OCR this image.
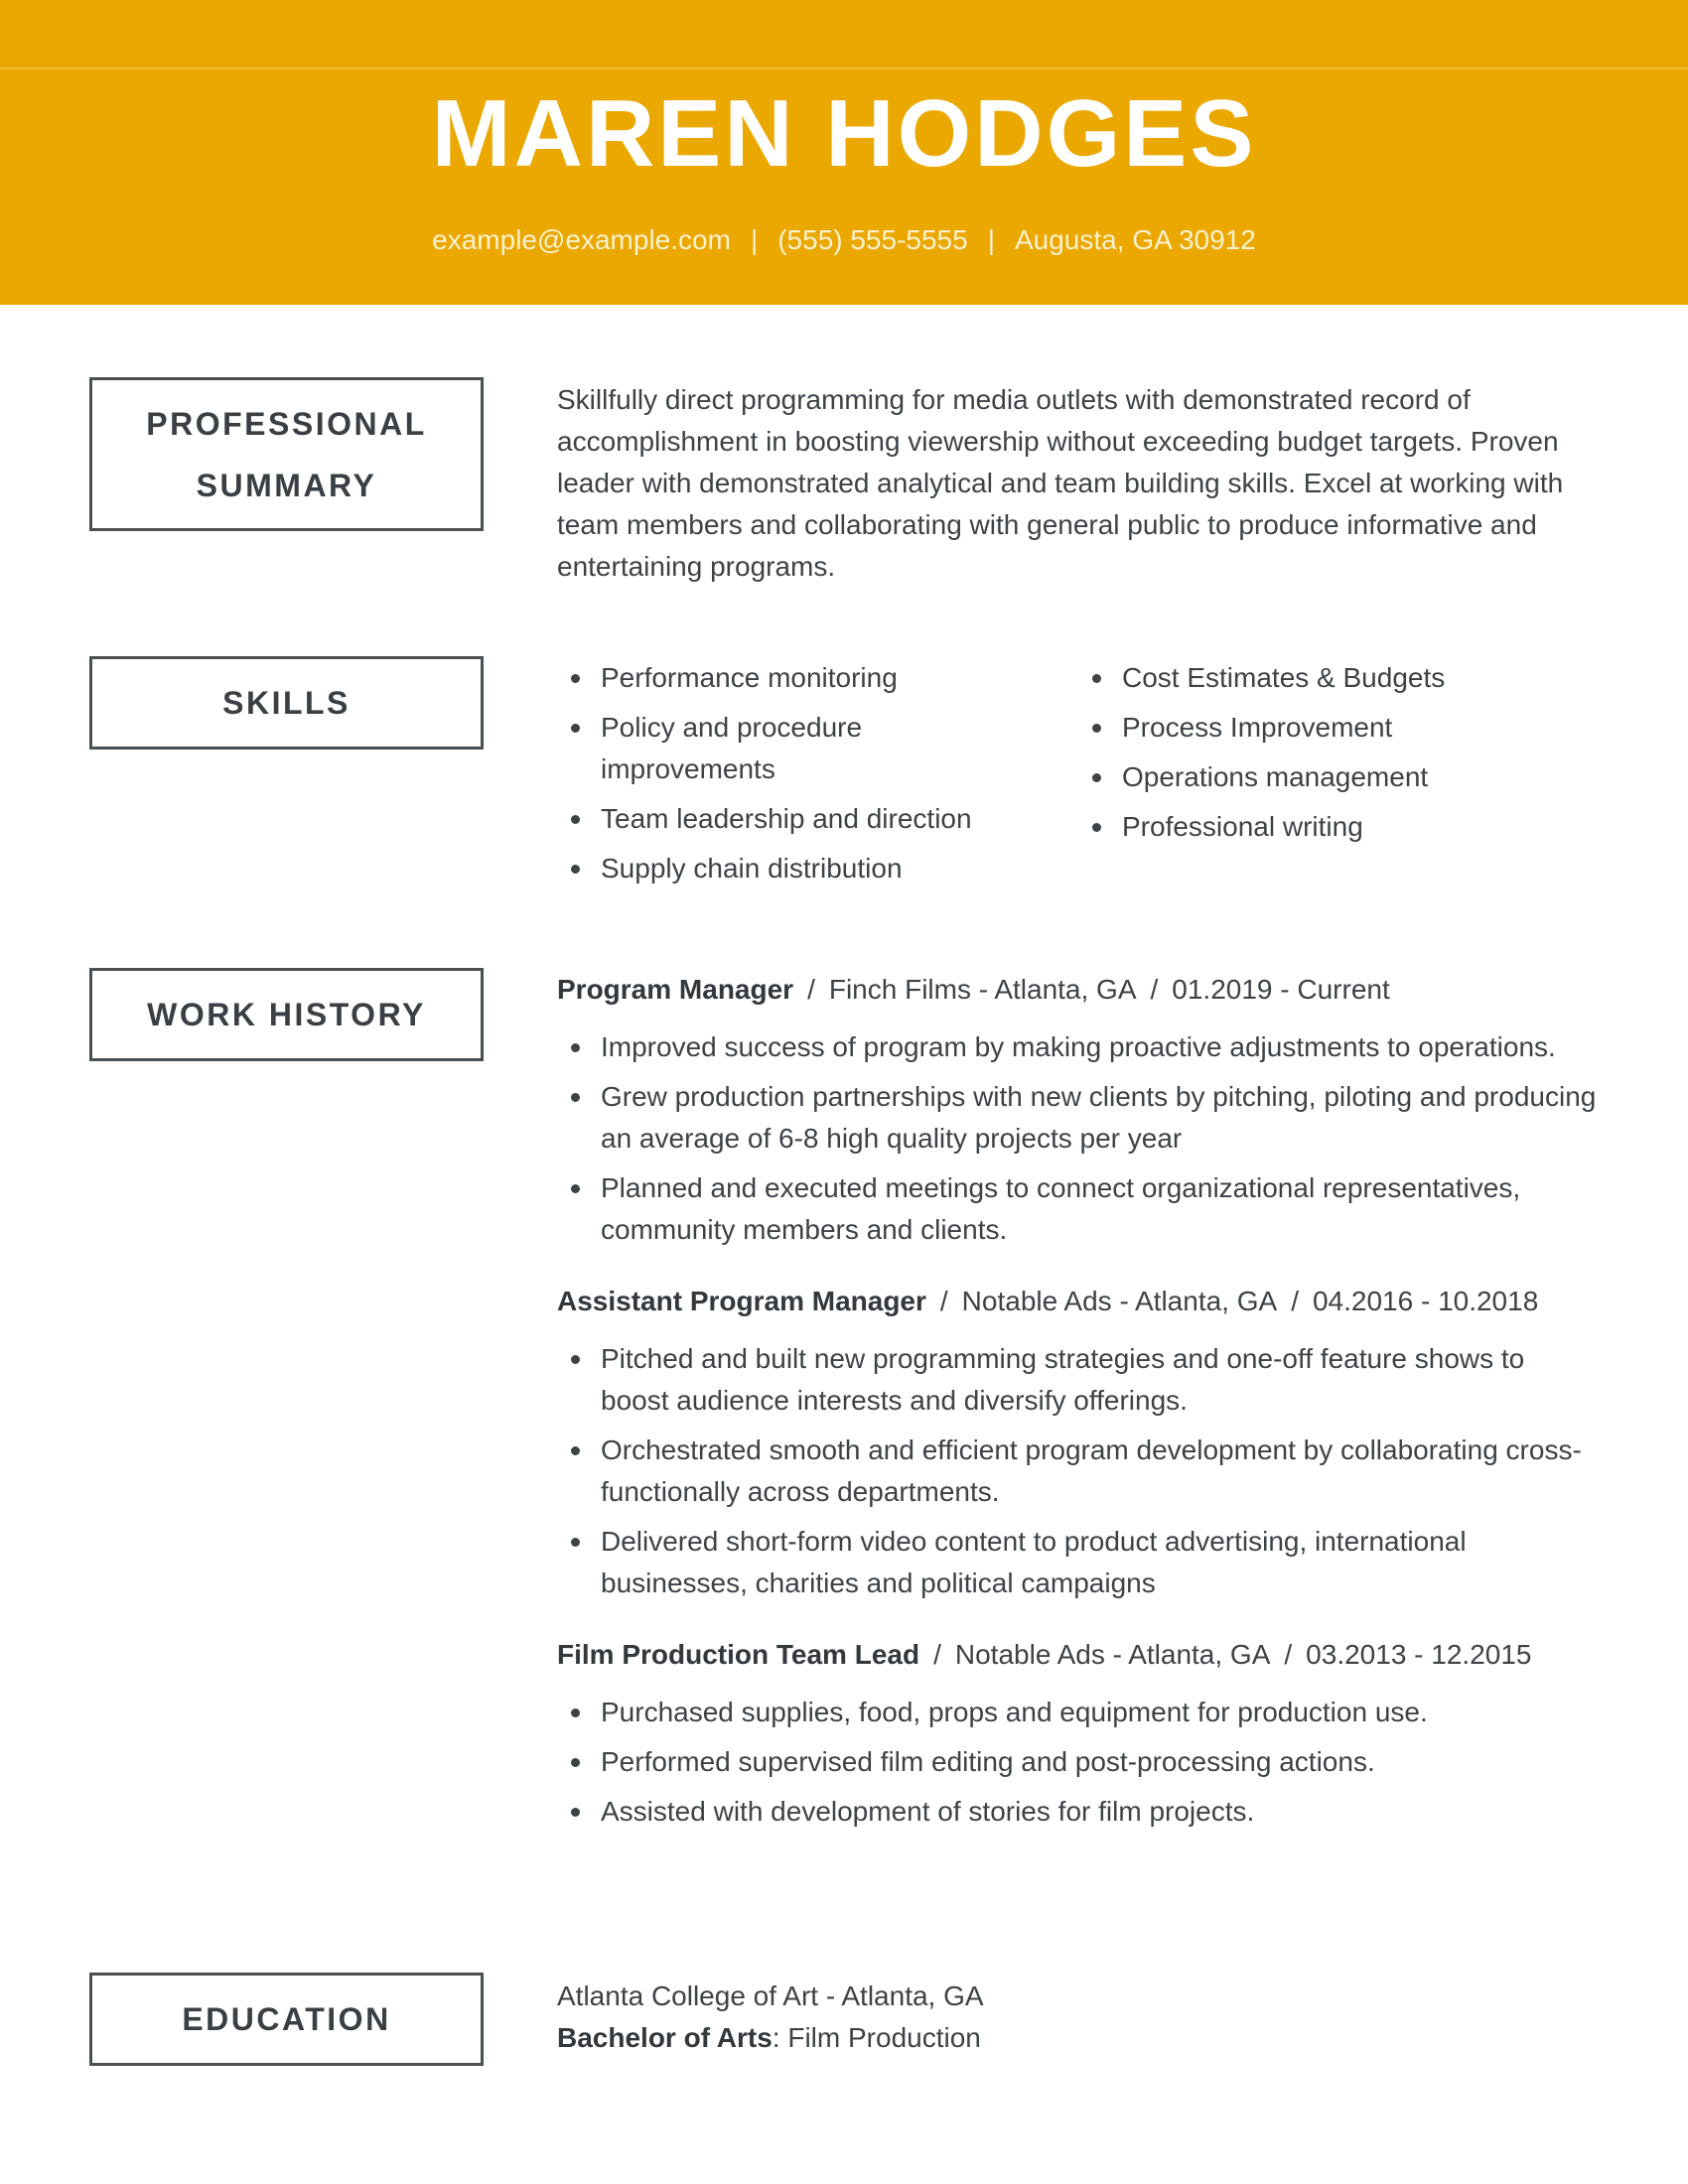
MAREN HODGES
example@example.com | (555) 555-5555 | Augusta, GA 30912
PROFESSIONAL
SUMMARY

Skillfully direct programming for media outlets with demonstrated record of accomplishment in boosting viewership without exceeding budget targets. Proven leader with demonstrated analytical and team building skills. Excel at working with team members and collaborating with general public to produce informative and entertaining programs.

SKILLS
Performance monitoring
Policy and procedure improvements
Team leadership and direction
Supply chain distribution
Cost Estimates & Budgets
Process Improvement
Operations management
Professional writing
WORK HISTORY

Program Manager / Finch Films - Atlanta, GA / 01.2019 - Current

Improved success of program by making proactive adjustments to operations.
Grew production partnerships with new clients by pitching, piloting and producing an average of 6-8 high quality projects per year
Planned and executed meetings to connect organizational representatives, community members and clients.

Assistant Program Manager / Notable Ads - Atlanta, GA / 04.2016 - 10.2018

Pitched and built new programming strategies and one-off feature shows to boost audience interests and diversify offerings.
Orchestrated smooth and efficient program development by collaborating cross-functionally across departments.
Delivered short-form video content to product advertising, international businesses, charities and political campaigns

Film Production Team Lead / Notable Ads - Atlanta, GA / 03.2013 - 12.2015

Purchased supplies, food, props and equipment for production use.
Performed supervised film editing and post-processing actions.
Assisted with development of stories for film projects.
EDUCATION
Atlanta College of Art - Atlanta, GA
Bachelor of Arts: Film Production
